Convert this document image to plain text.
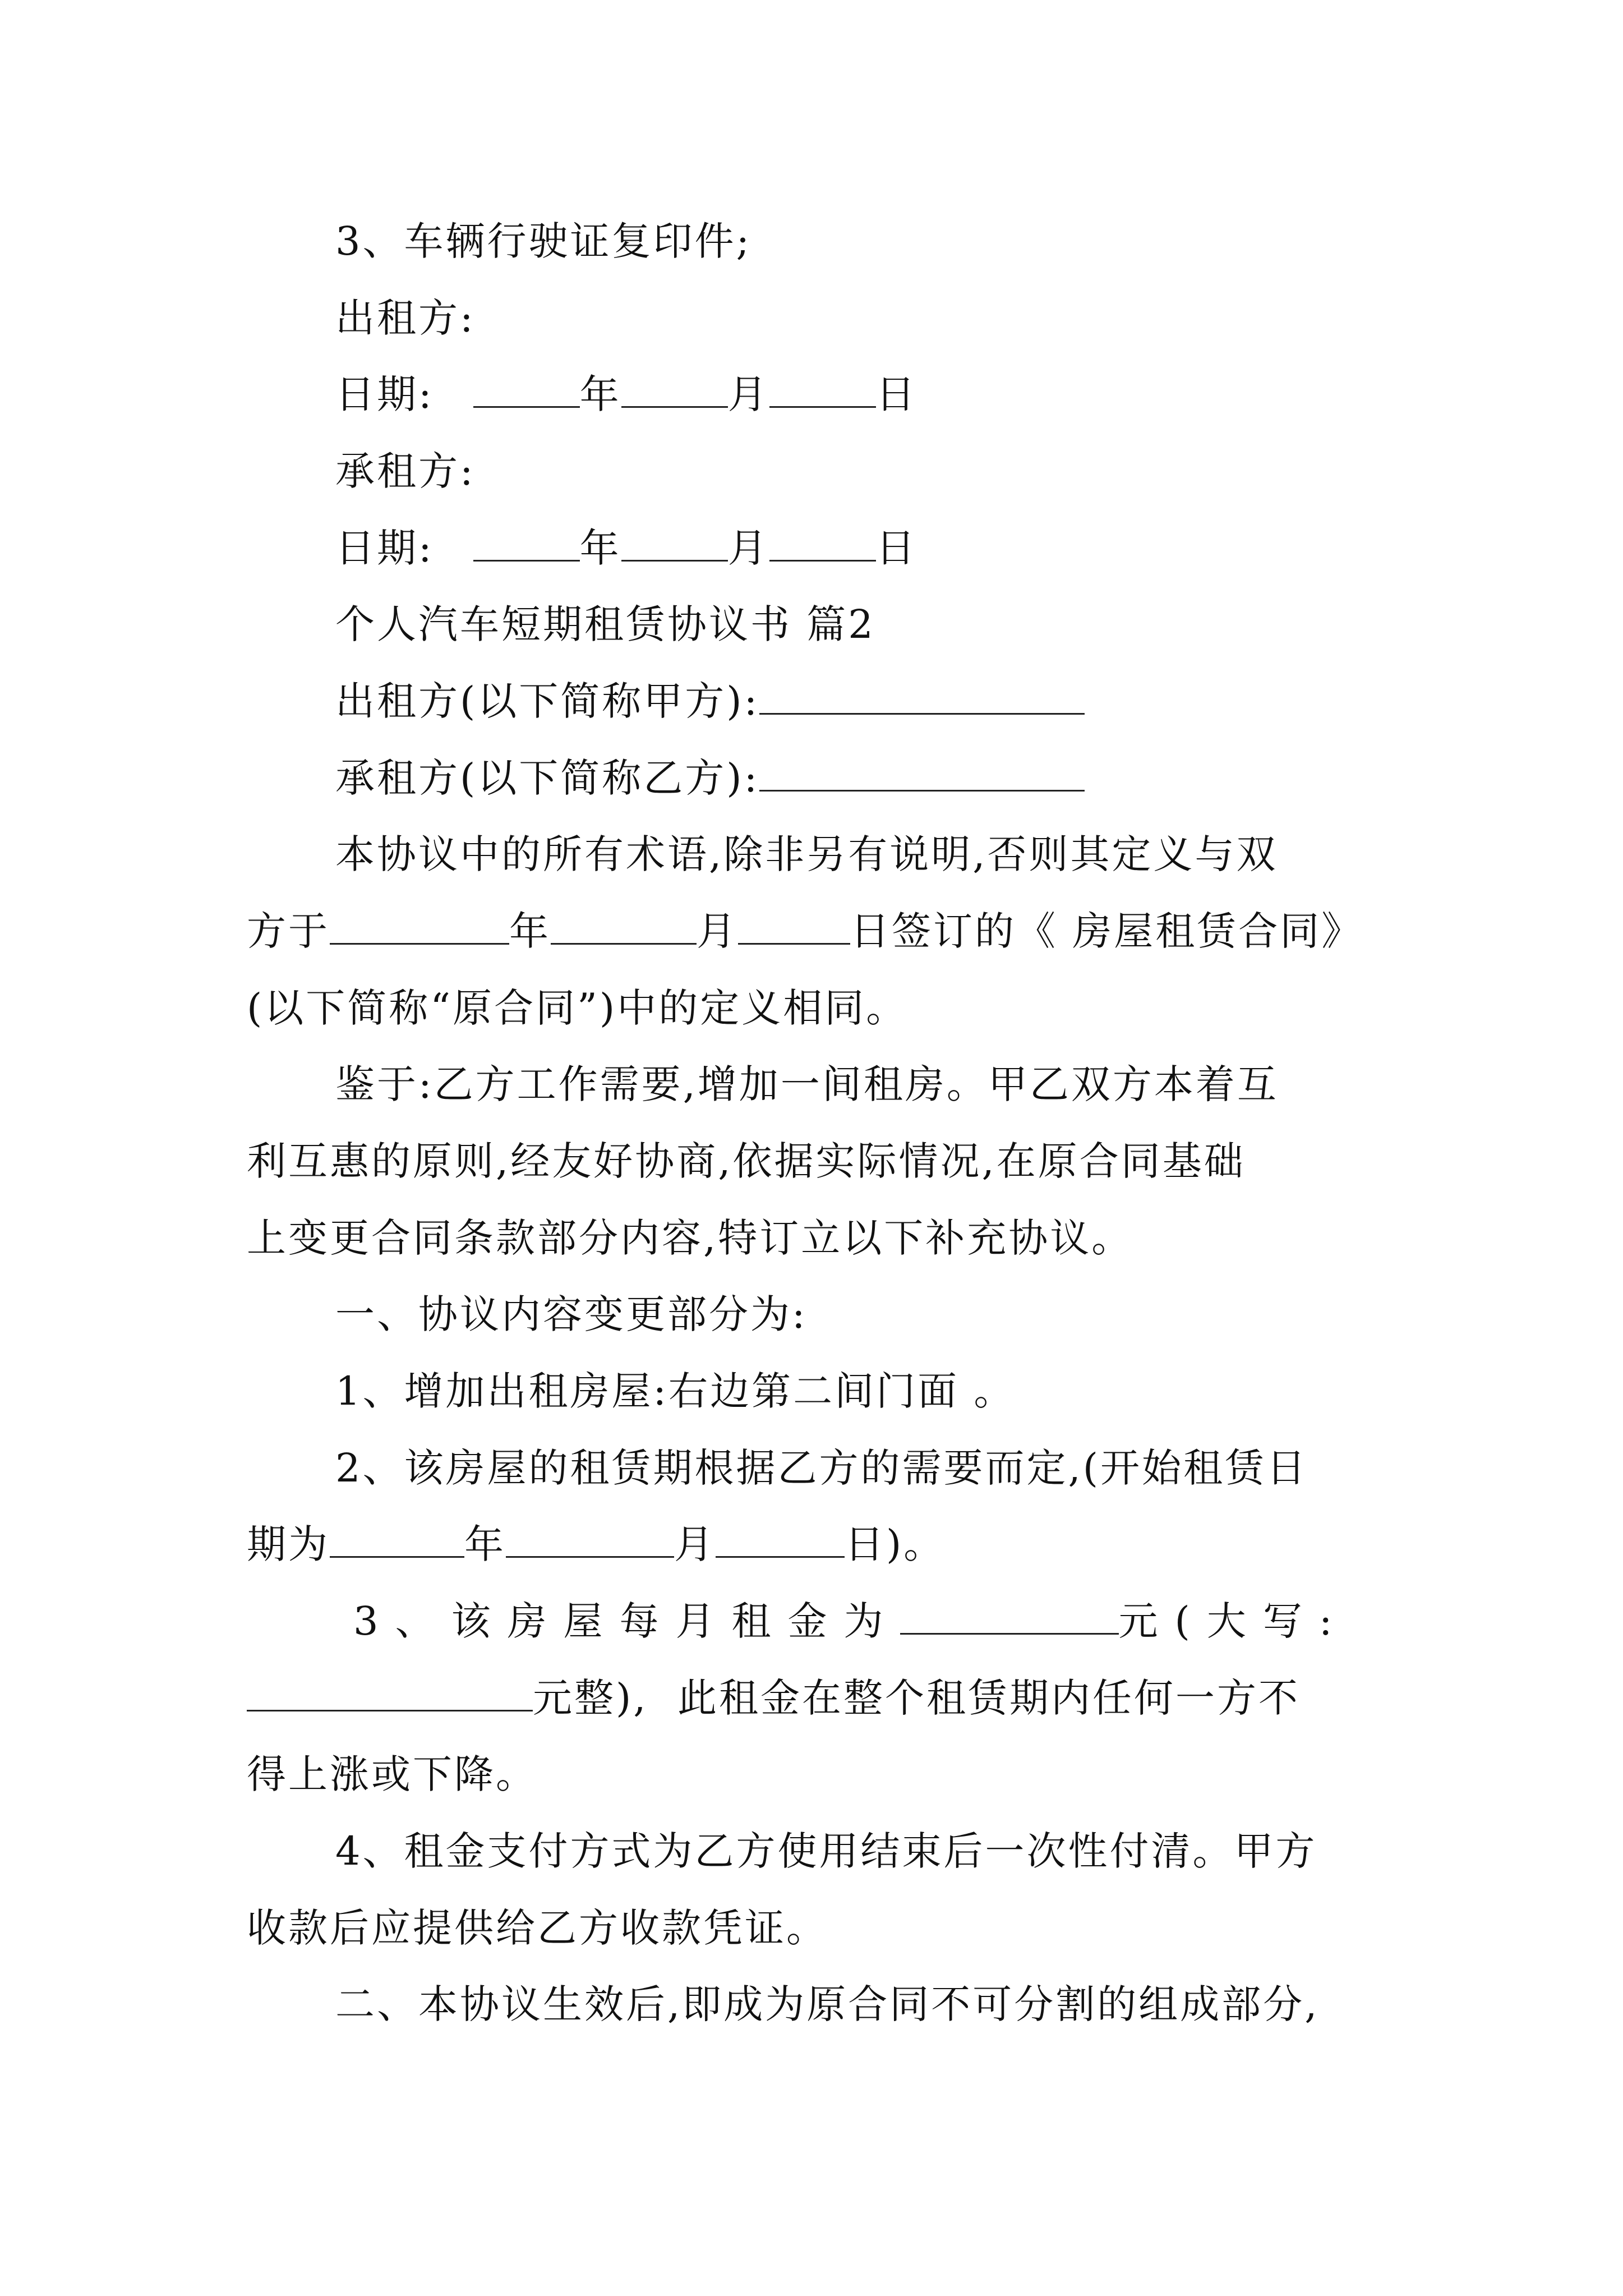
3、车辆行驶证复印件;
出租方:
日期:	年	月	日
承租方:
日期:	年	月	日
个人汽车短期租赁协议书 篇2
出租方(以下简称甲方):
承租方(以下简称乙方):
本协议中的所有术语,除非另有说明,否则其定义与双
方于	年	月	日签订的《 房屋租赁合同》
(以下简称“原合同”)中的定义相同。
鉴于:乙方工作需要,增加一间租房。甲乙双方本着互
利互惠的原则,经友好协商,依据实际情况,在原合同基础
上变更合同条款部分内容,特订立以下补充协议。
一、协议内容变更部分为:
1、增加出租房屋:右边第二间门面 。
2、该房屋的租赁期根据乙方的需要而定,(开始租赁日
期为	年	月	日)。
3、该房屋每月租金为	元(大写:
元整),  此租金在整个租赁期内任何一方不
得上涨或下降。
4、租金支付方式为乙方使用结束后一次性付清。甲方
收款后应提供给乙方收款凭证。
二、本协议生效后,即成为原合同不可分割的组成部分,
